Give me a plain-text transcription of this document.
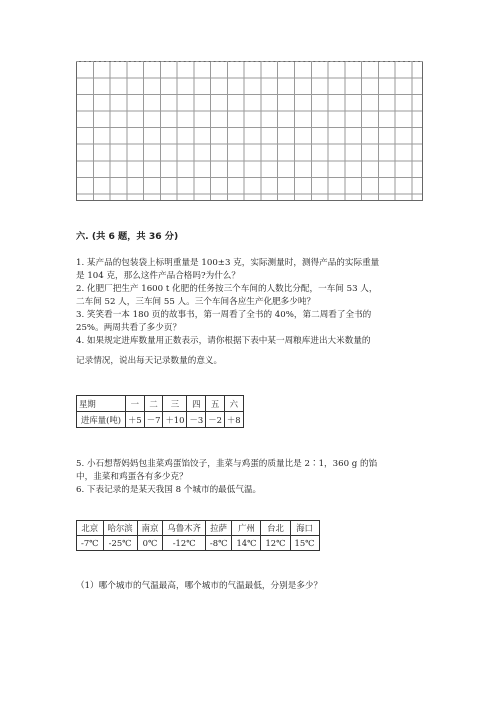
六. (共 6 题，共 36 分)
1. 某产品的包装袋上标明重量是 100±3 克，实际测量时，测得产品的实际重量
是 104 克，那么这件产品合格吗?为什么？
2. 化肥厂把生产 1600 t 化肥的任务按三个车间的人数比分配，一车间 53 人，
二车间 52 人，三车间 55 人。三个车间各应生产化肥多少吨？
3. 笑笑看一本 180 页的故事书，第一周看了全书的 40%，第二周看了全书的
25%。两周共看了多少页？
4. 如果规定进库数量用正数表示，请你根据下表中某一周粮库进出大米数量的
记录情况，说出每天记录数量的意义。
星期	一	二	三	四	五	六
进库量(吨)	＋5	－7	＋10	－3	－2	＋8
5. 小石想帮妈妈包韭菜鸡蛋馅饺子，韭菜与鸡蛋的质量比是 2∶1，360 g 的馅
中，韭菜和鸡蛋各有多少克？
6. 下表记录的是某天我国 8 个城市的最低气温。
北京	哈尔滨	南京	乌鲁木齐	拉萨	广州	台北	海口
-7℃	-25℃	0℃	-12℃	-8℃	14℃	12℃	15℃
（1）哪个城市的气温最高，哪个城市的气温最低，分别是多少？
